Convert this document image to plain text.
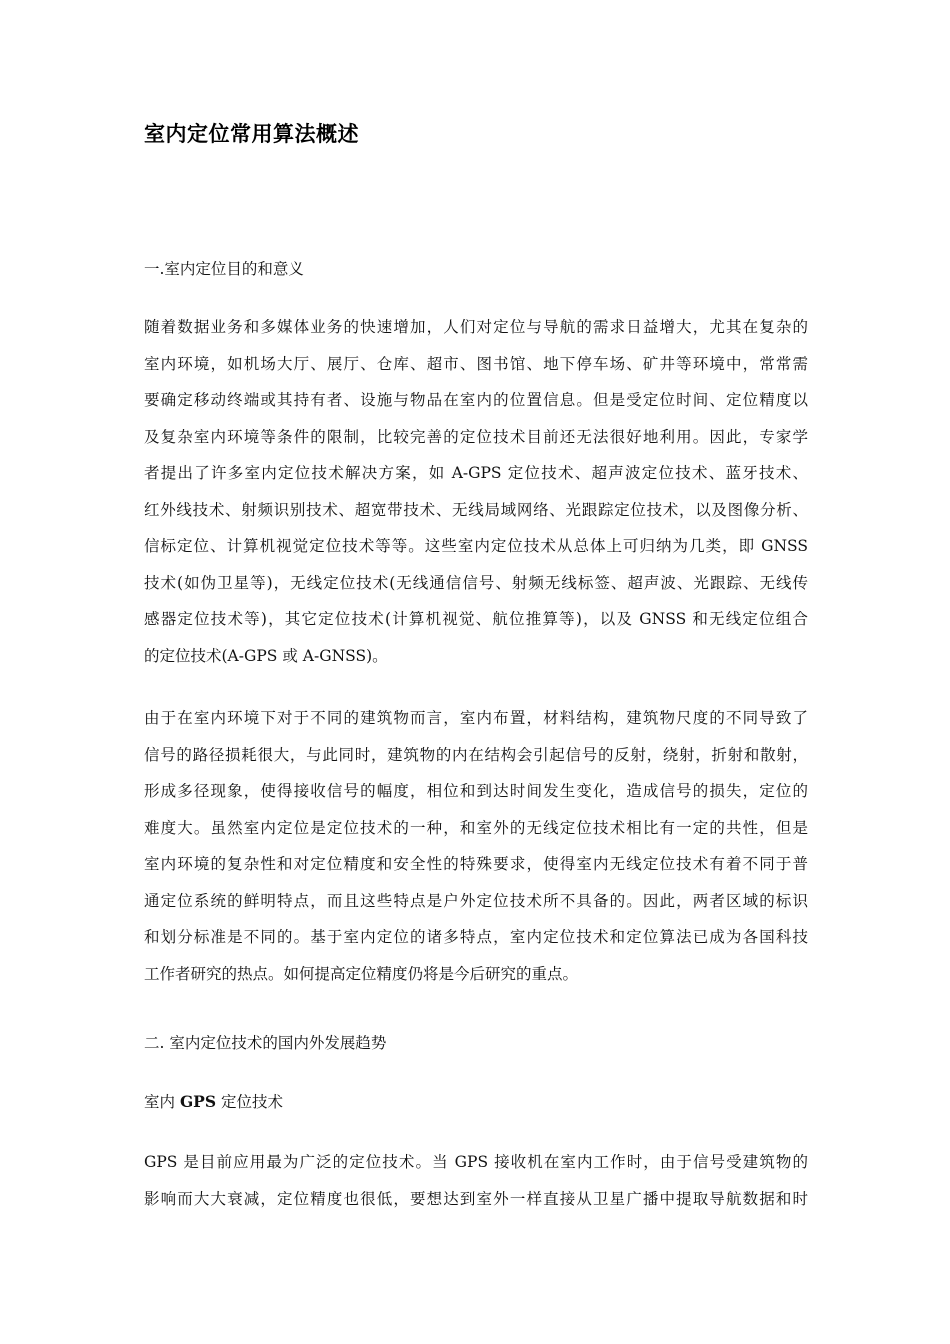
室内定位常用算法概述

一.室内定位目的和意义

随着数据业务和多媒体业务的快速增加，人们对定位与导航的需求日益增大，尤其在复杂的
室内环境，如机场大厅、展厅、仓库、超市、图书馆、地下停车场、矿井等环境中，常常需
要确定移动终端或其持有者、设施与物品在室内的位置信息。但是受定位时间、定位精度以
及复杂室内环境等条件的限制，比较完善的定位技术目前还无法很好地利用。因此，专家学
者提出了许多室内定位技术解决方案，如 A-GPS 定位技术、超声波定位技术、蓝牙技术、
红外线技术、射频识别技术、超宽带技术、无线局域网络、光跟踪定位技术，以及图像分析、
信标定位、计算机视觉定位技术等等。这些室内定位技术从总体上可归纳为几类，即 GNSS
技术(如伪卫星等)，无线定位技术(无线通信信号、射频无线标签、超声波、光跟踪、无线传
感器定位技术等)，其它定位技术(计算机视觉、航位推算等)，以及 GNSS 和无线定位组合
的定位技术(A-GPS 或 A-GNSS)。
由于在室内环境下对于不同的建筑物而言，室内布置，材料结构，建筑物尺度的不同导致了
信号的路径损耗很大，与此同时，建筑物的内在结构会引起信号的反射，绕射，折射和散射，
形成多径现象，使得接收信号的幅度，相位和到达时间发生变化，造成信号的损失，定位的
难度大。虽然室内定位是定位技术的一种，和室外的无线定位技术相比有一定的共性，但是
室内环境的复杂性和对定位精度和安全性的特殊要求，使得室内无线定位技术有着不同于普
通定位系统的鲜明特点，而且这些特点是户外定位技术所不具备的。因此，两者区域的标识
和划分标准是不同的。基于室内定位的诸多特点，室内定位技术和定位算法已成为各国科技
工作者研究的热点。如何提高定位精度仍将是今后研究的重点。

二. 室内定位技术的国内外发展趋势

室内 GPS 定位技术

GPS 是目前应用最为广泛的定位技术。当 GPS 接收机在室内工作时，由于信号受建筑物的
影响而大大衰减，定位精度也很低，要想达到室外一样直接从卫星广播中提取导航数据和时
